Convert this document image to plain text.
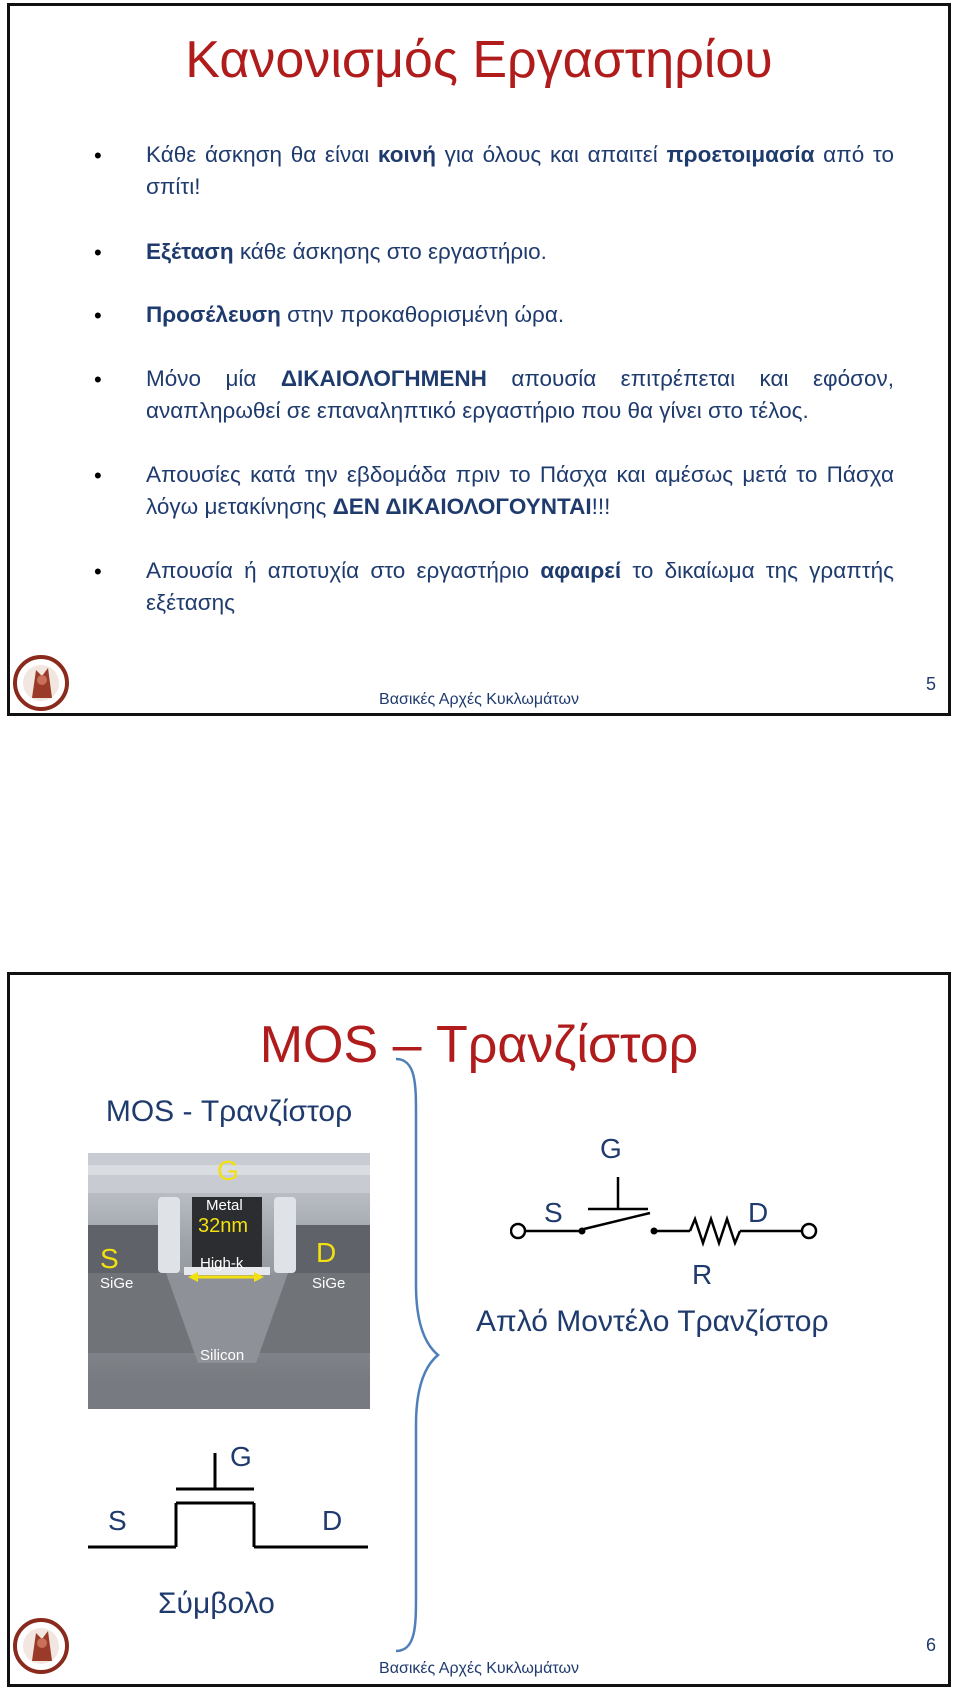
Κανονισμός Εργαστηρίου
• Κάθε άσκηση θα είναι κοινή για όλους και απαιτεί προετοιμασία από το σπίτι!
• Εξέταση κάθε άσκησης στο εργαστήριο.
• Προσέλευση στην προκαθορισμένη ώρα.
• Μόνο μία ΔΙΚΑΙΟΛΟΓΗΜΕΝΗ απουσία επιτρέπεται και εφόσον, αναπληρωθεί σε επαναληπτικό εργαστήριο που θα γίνει στο τέλος.
• Απουσίες κατά την εβδομάδα πριν το Πάσχα και αμέσως μετά το Πάσχα λόγω μετακίνησης ΔΕΝ ΔΙΚΑΙΟΛΟΓΟΥΝΤΑΙ!!!
• Απουσία ή αποτυχία στο εργαστήριο αφαιρεί το δικαίωμα της γραπτής εξέτασης
Βασικές Αρχές Κυκλωμάτων
5
MOS – Τρανζίστορ
MOS - Τρανζίστορ
G
Metal
32nm
S	D
SiGe	SiGe
High-k
Silicon
G
S	D
Σύμβολο
G
S	D
R
Απλό Μοντέλο Τρανζίστορ
Βασικές Αρχές Κυκλωμάτων
6
